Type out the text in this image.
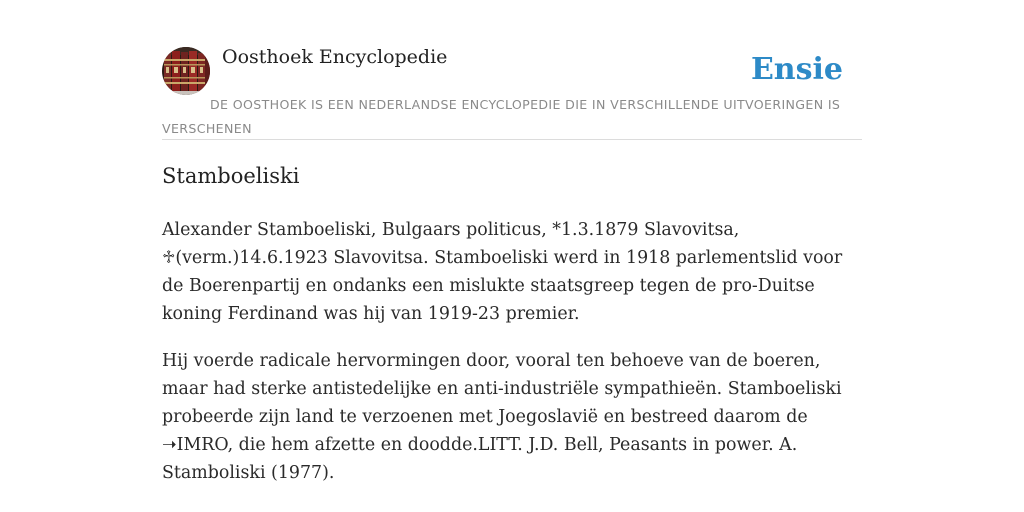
Oosthoek Encyclopedie	Ensie

DE OOSTHOEK IS EEN NEDERLANDSE ENCYCLOPEDIE DIE IN VERSCHILLENDE UITVOERINGEN IS VERSCHENEN

Stamboeliski

Alexander Stamboeliski, Bulgaars politicus, *1.3.1879 Slavovitsa, ♱(verm.)14.6.1923 Slavovitsa. Stamboeliski werd in 1918 parlementslid voor de Boerenpartij en ondanks een mislukte staatsgreep tegen de pro-Duitse koning Ferdinand was hij van 1919-23 premier.

Hij voerde radicale hervormingen door, vooral ten behoeve van de boeren, maar had sterke antistedelijke en anti-industriële sympathieën. Stamboeliski probeerde zijn land te verzoenen met Joegoslavië en bestreed daarom de ➝IMRO, die hem afzette en doodde.LITT. J.D. Bell, Peasants in power. A. Stamboliski (1977).
